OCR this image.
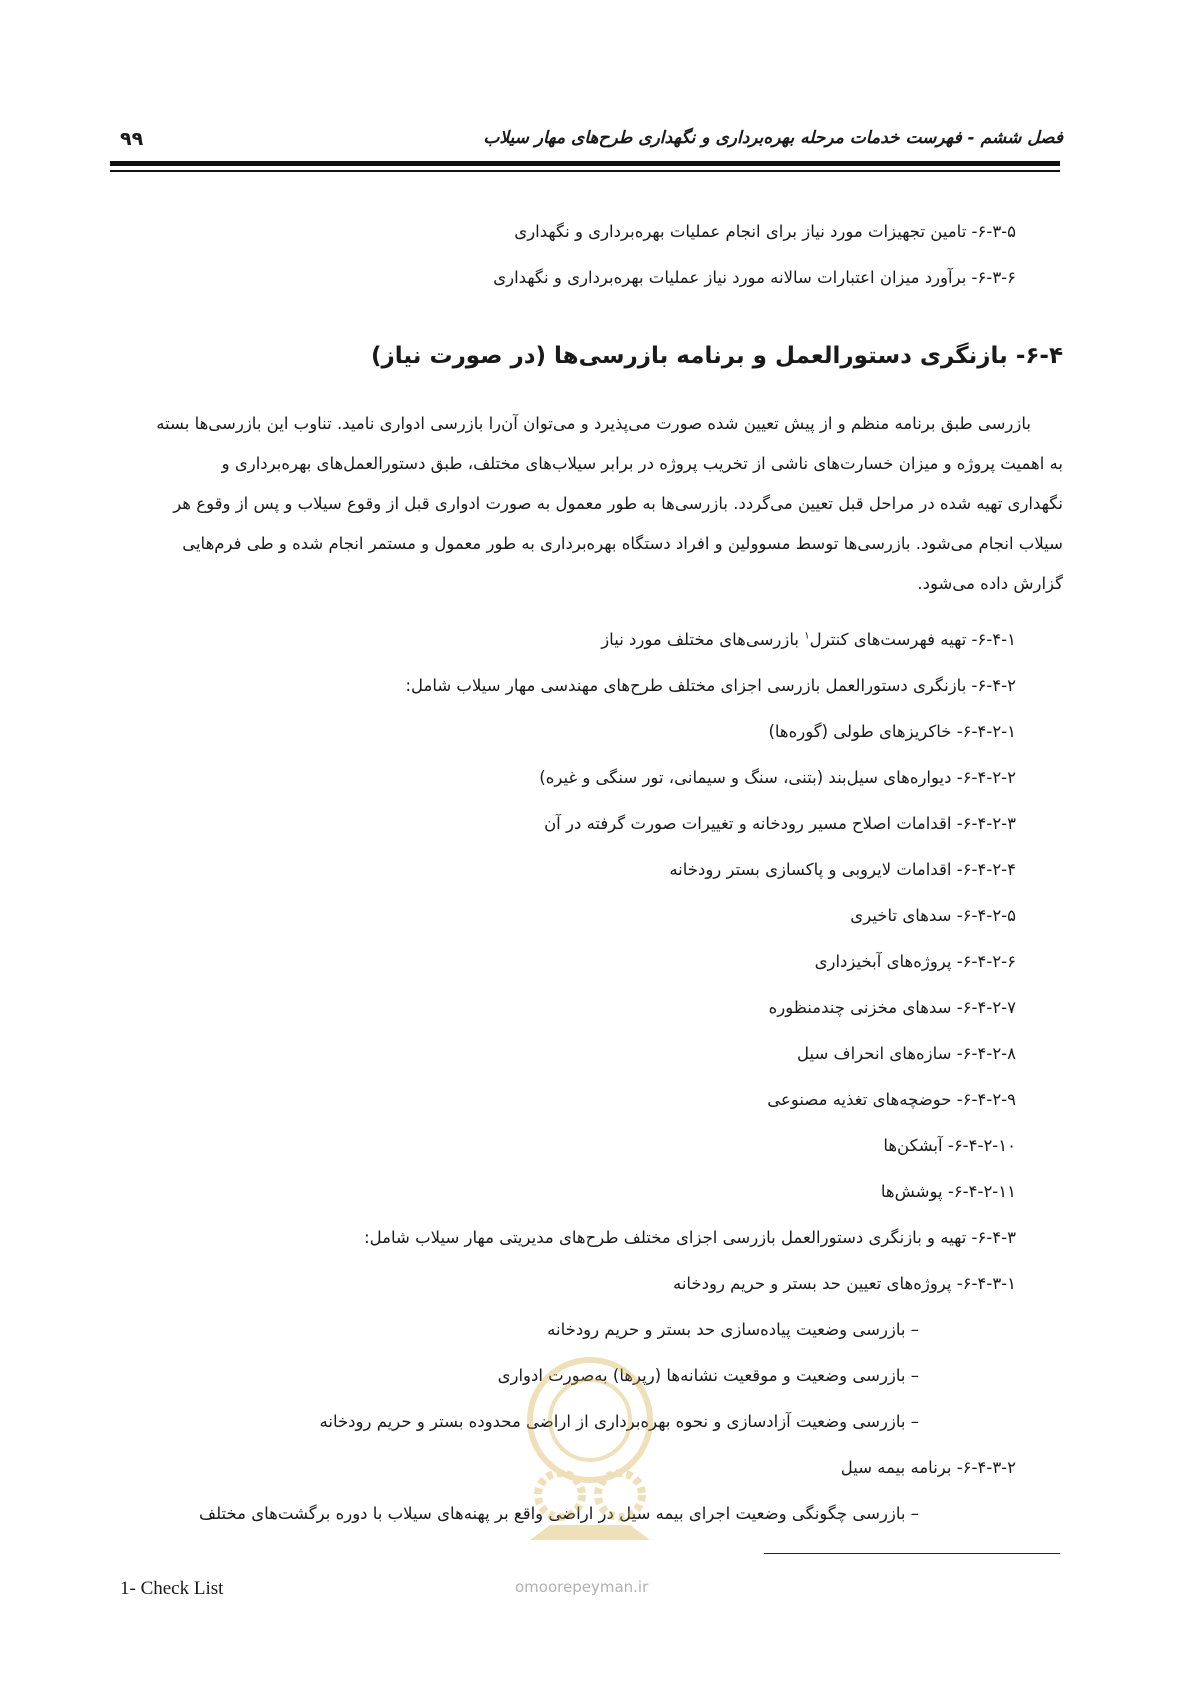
فصل ششم - فهرست خدمات مرحله بهره‌برداری و نگهداری طرح‌های مهار سیلاب
۹۹
۶-۳-۵- تامین تجهیزات مورد نیاز برای انجام عملیات بهره‌برداری و نگهداری
۶-۳-۶- برآورد میزان اعتبارات سالانه مورد نیاز عملیات بهره‌برداری و نگهداری
۶-۴- بازنگری دستورالعمل و برنامه بازرسی‌ها (در صورت نیاز)
بازرسی طبق برنامه منظم و از پیش تعیین شده صورت می‌پذیرد و می‌توان آن‌را بازرسی ادواری نامید. تناوب این بازرسی‌ها بسته
به اهمیت پروژه و میزان خسارت‌های ناشی از تخریب پروژه در برابر سیلاب‌های مختلف، طبق دستورالعمل‌های بهره‌برداری و
نگهداری تهیه شده در مراحل قبل تعیین می‌گردد. بازرسی‌ها به طور معمول به صورت ادواری قبل از وقوع سیلاب و پس از وقوع هر
سیلاب انجام می‌شود. بازرسی‌ها توسط مسوولین و افراد دستگاه بهره‌برداری به طور معمول و مستمر انجام شده و طی فرم‌هایی
گزارش داده می‌شود.
۶-۴-۱- تهیه فهرست‌های کنترل$^۱$ بازرسی‌های مختلف مورد نیاز
۶-۴-۲- بازنگری دستورالعمل بازرسی اجزای مختلف طرح‌های مهندسی مهار سیلاب شامل:
۶-۴-۲-۱- خاکریزهای طولی (گوره‌ها)
۶-۴-۲-۲- دیواره‌های سیل‌بند (بتنی، سنگ و سیمانی، تور سنگی و غیره)
۶-۴-۲-۳- اقدامات اصلاح مسیر رودخانه و تغییرات صورت گرفته در آن
۶-۴-۲-۴- اقدامات لایروبی و پاکسازی بستر رودخانه
۶-۴-۲-۵- سدهای تاخیری
۶-۴-۲-۶- پروژه‌های آبخیزداری
۶-۴-۲-۷- سدهای مخزنی چندمنظوره
۶-۴-۲-۸- سازه‌های انحراف سیل
۶-۴-۲-۹- حوضچه‌های تغذیه مصنوعی
۶-۴-۲-۱۰- آبشکن‌ها
۶-۴-۲-۱۱- پوشش‌ها
۶-۴-۳- تهیه و بازنگری دستورالعمل بازرسی اجزای مختلف طرح‌های مدیریتی مهار سیلاب شامل:
۶-۴-۳-۱- پروژه‌های تعیین حد بستر و حریم رودخانه
– بازرسی وضعیت پیاده‌سازی حد بستر و حریم رودخانه
– بازرسی وضعیت و موقعیت نشانه‌ها (رپرها) به‌صورت ادواری
– بازرسی وضعیت آزادسازی و نحوه بهره‌برداری از اراضی محدوده بستر و حریم رودخانه
۶-۴-۳-۲- برنامه بیمه سیل
– بازرسی چگونگی وضعیت اجرای بیمه سیل در اراضی واقع بر پهنه‌های سیلاب با دوره برگشت‌های مختلف
omoorepeyman.ir
1- Check List
